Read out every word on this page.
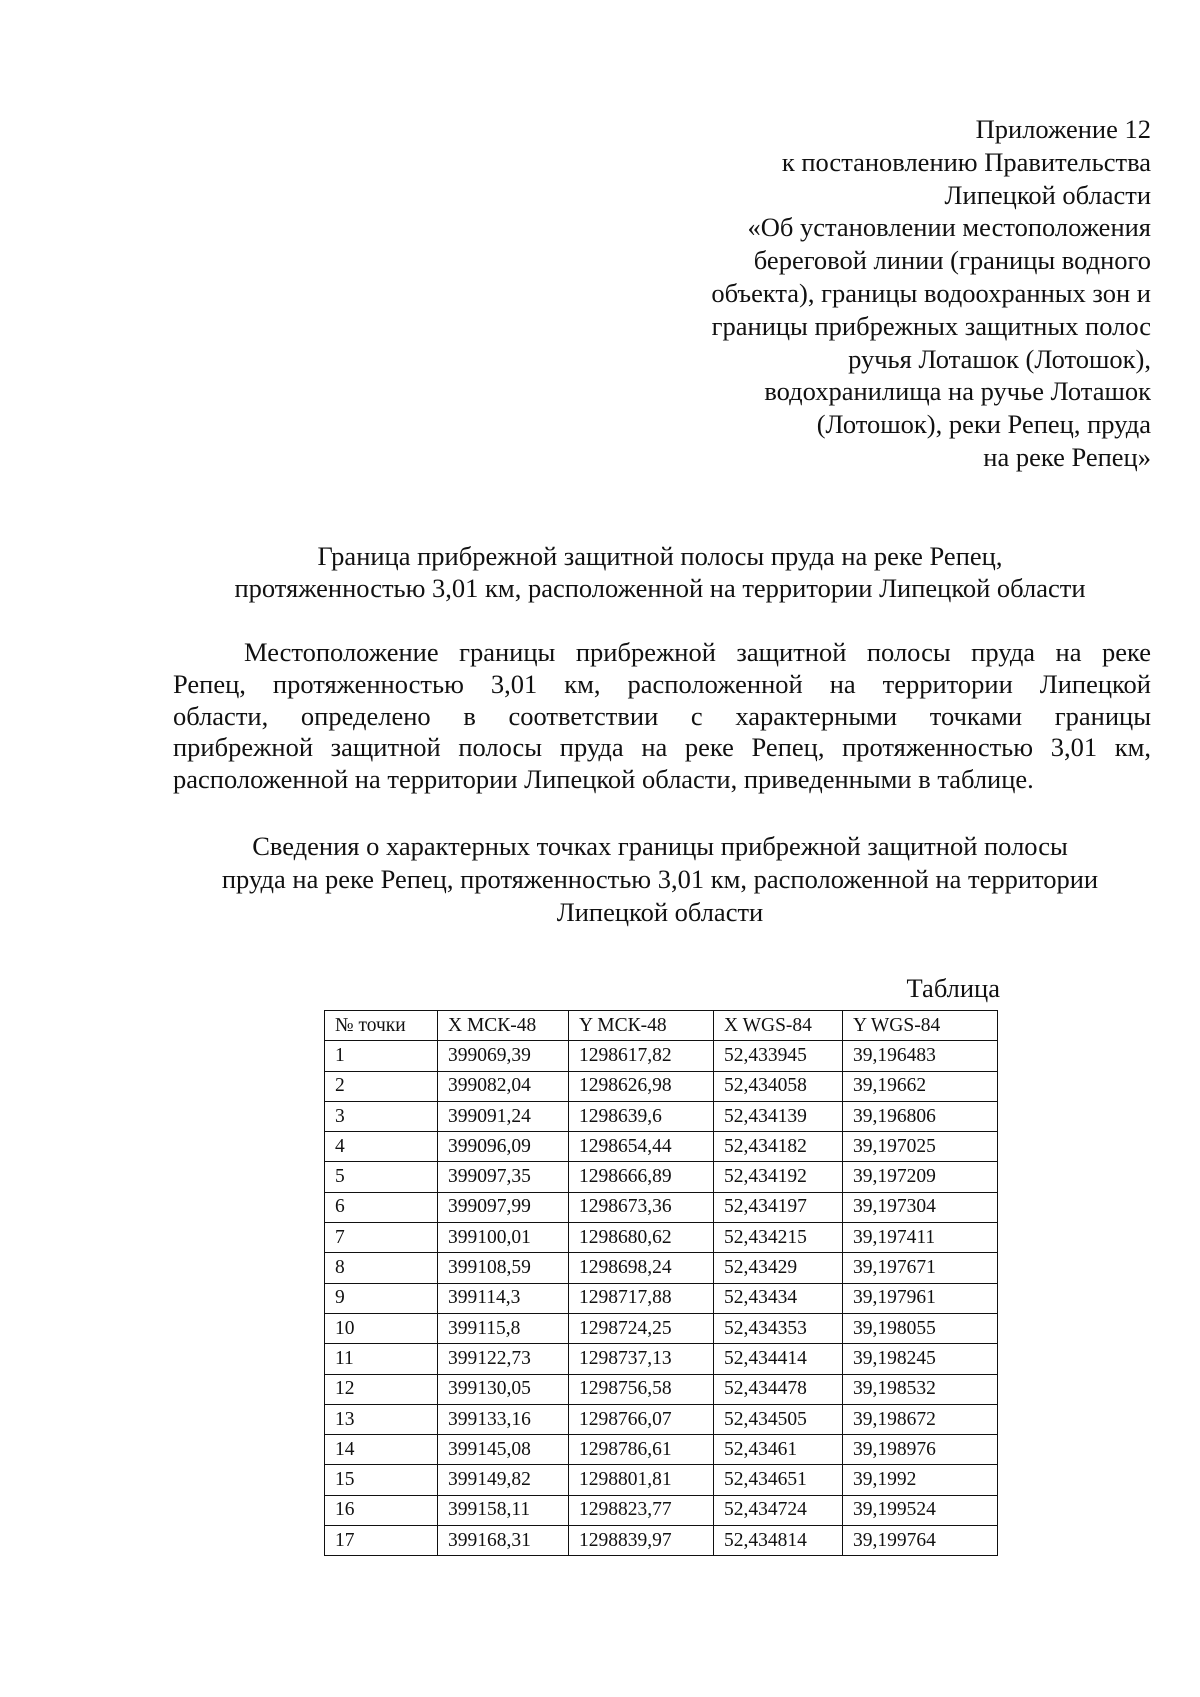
Приложение 12
к постановлению Правительства
Липецкой области
«Об установлении местоположения
береговой линии (границы водного
объекта), границы водоохранных зон и
границы прибрежных защитных полос
ручья Лоташок (Лотошок),
водохранилища на ручье Лоташок
(Лотошок), реки Репец, пруда
на реке Репец»
Граница прибрежной защитной полосы пруда на реке Репец,
протяженностью 3,01 км, расположенной на территории Липецкой области
Местоположение границы прибрежной защитной полосы пруда на реке
Репец, протяженностью 3,01 км, расположенной на территории Липецкой
области, определено в соответствии с характерными точками границы
прибрежной защитной полосы пруда на реке Репец, протяженностью 3,01 км,
расположенной на территории Липецкой области, приведенными в таблице.
Сведения о характерных точках границы прибрежной защитной полосы
пруда на реке Репец, протяженностью 3,01 км, расположенной на территории
Липецкой области
Таблица
№ точки	X МСК-48	Y МСК-48	X WGS-84	Y WGS-84
1	399069,39	1298617,82	52,433945	39,196483
2	399082,04	1298626,98	52,434058	39,19662
3	399091,24	1298639,6	52,434139	39,196806
4	399096,09	1298654,44	52,434182	39,197025
5	399097,35	1298666,89	52,434192	39,197209
6	399097,99	1298673,36	52,434197	39,197304
7	399100,01	1298680,62	52,434215	39,197411
8	399108,59	1298698,24	52,43429	39,197671
9	399114,3	1298717,88	52,43434	39,197961
10	399115,8	1298724,25	52,434353	39,198055
11	399122,73	1298737,13	52,434414	39,198245
12	399130,05	1298756,58	52,434478	39,198532
13	399133,16	1298766,07	52,434505	39,198672
14	399145,08	1298786,61	52,43461	39,198976
15	399149,82	1298801,81	52,434651	39,1992
16	399158,11	1298823,77	52,434724	39,199524
17	399168,31	1298839,97	52,434814	39,199764
